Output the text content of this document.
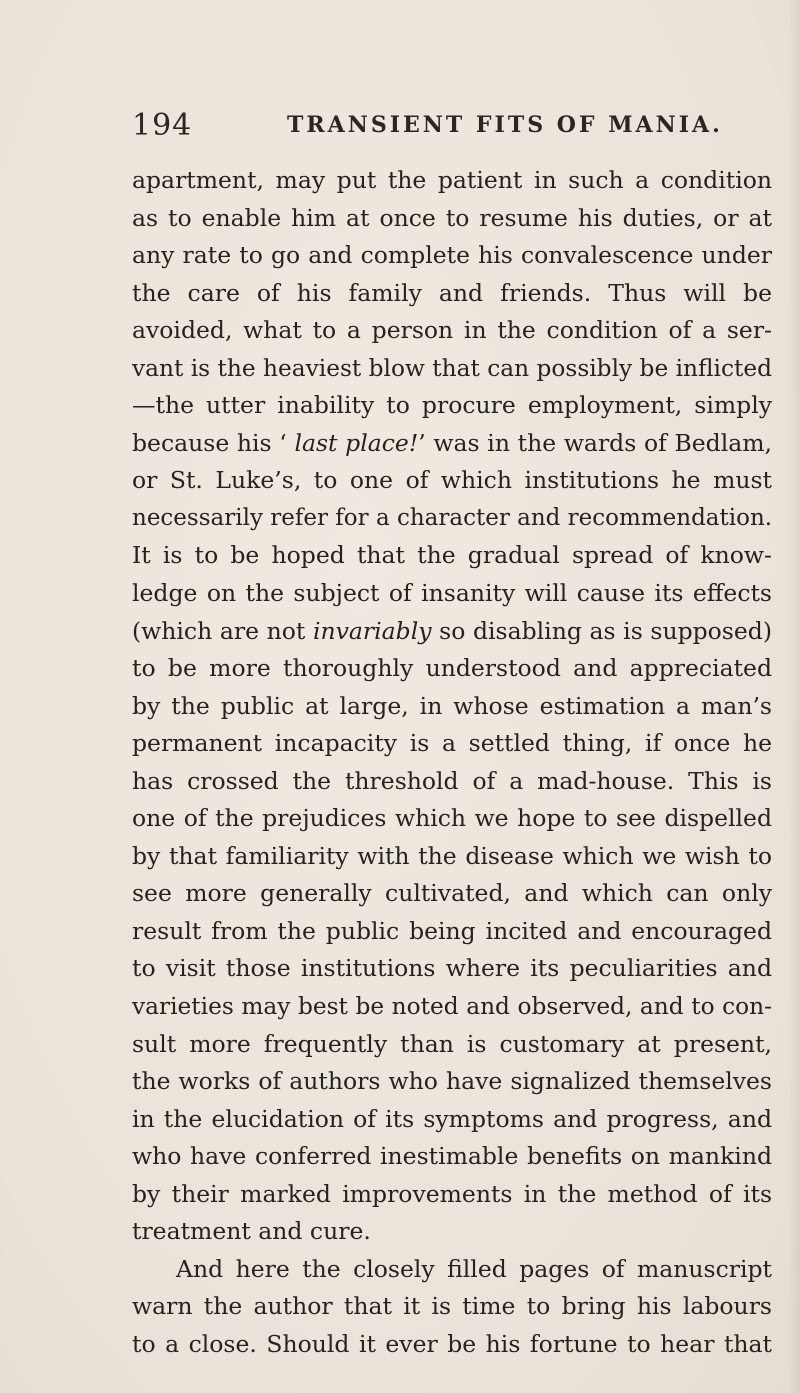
194	TRANSIENT FITS OF MANIA.
apartment, may put the patient in such a condition
as to enable him at once to resume his duties, or at
any rate to go and complete his convalescence under
the care of his family and friends. Thus will be
avoided, what to a person in the condition of a ser-
vant is the heaviest blow that can possibly be inflicted
—the utter inability to procure employment, simply
because his ‘ last place!’ was in the wards of Bedlam,
or St. Luke’s, to one of which institutions he must
necessarily refer for a character and recommendation.
It is to be hoped that the gradual spread of know-
ledge on the subject of insanity will cause its effects
(which are not invariably so disabling as is supposed)
to be more thoroughly understood and appreciated
by the public at large, in whose estimation a man’s
permanent incapacity is a settled thing, if once he
has crossed the threshold of a mad-house. This is
one of the prejudices which we hope to see dispelled
by that familiarity with the disease which we wish to
see more generally cultivated, and which can only
result from the public being incited and encouraged
to visit those institutions where its peculiarities and
varieties may best be noted and observed, and to con-
sult more frequently than is customary at present,
the works of authors who have signalized themselves
in the elucidation of its symptoms and progress, and
who have conferred inestimable benefits on mankind
by their marked improvements in the method of its
treatment and cure.
And here the closely filled pages of manuscript
warn the author that it is time to bring his labours
to a close. Should it ever be his fortune to hear that
